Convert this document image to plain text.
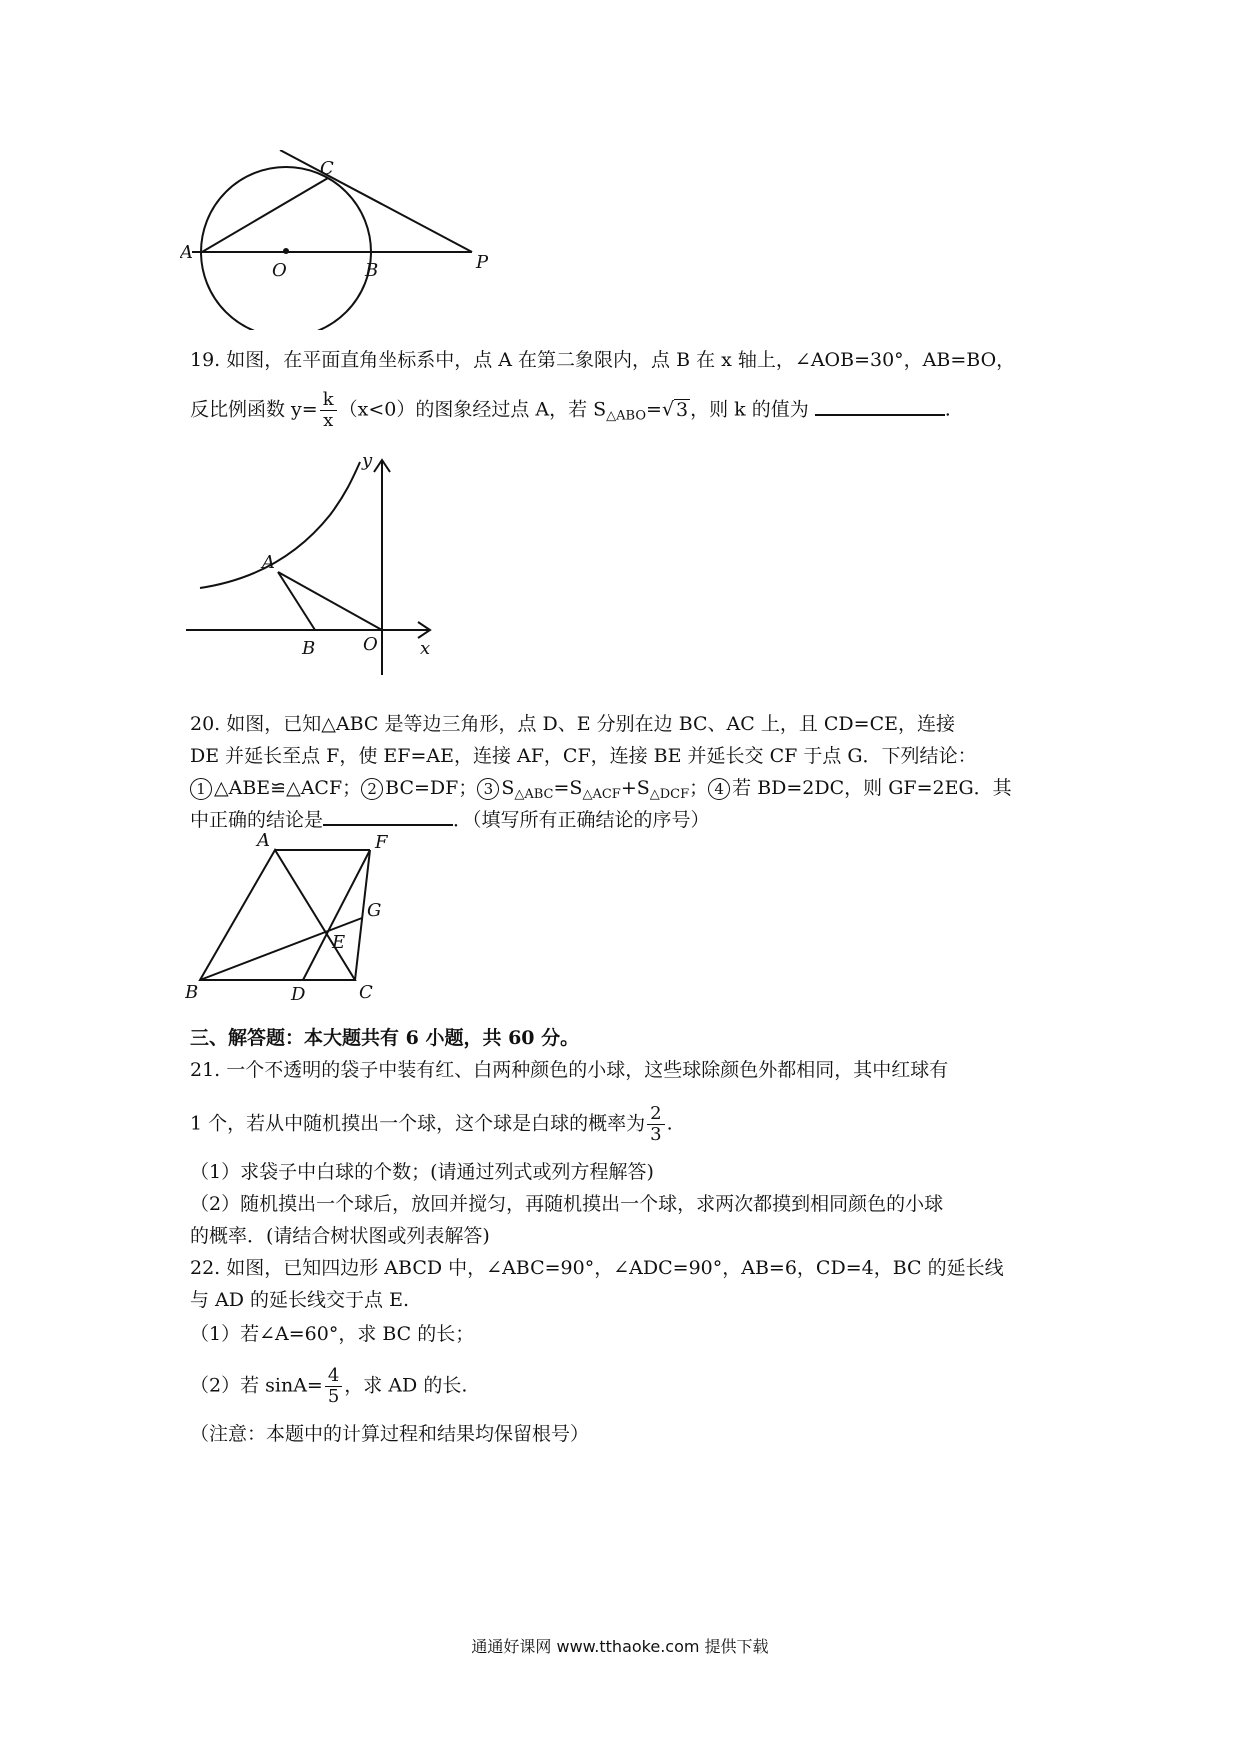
A
O	B
C
P
19. 如图，在平面直角坐标系中，点 A 在第二象限内，点 B 在 x 轴上，∠AOB=30°，AB=BO，
反比例函数 $y= \frac{k}{x} (x<0)$的图象经过点 A，若 $S_{\triangle ABO}=√$ 3 ，则 k 的值为	.
y
x
A
B	O
20. 如图，已知△ABC 是等边三角形，点 D、E 分别在边 BC、AC 上，且 CD=CE，连接
DE 并延长至点 F，使 EF=AE，连接 AF，CF，连接 BE 并延长交 CF 于点 G．下列结论：
1 △ABE≌△ACF； 2 BC=DF； 3 $S_{\triangle ABC}=S_{\triangle ACF}+S_{\triangle DCF}$； 4 若 BD=2DC，则 GF=2EG．其
中正确的结论是	．（填写所有正确结论的序号）
A	F
G
E
B	D	C
三、解答题：本大题共有 6 小题，共 60 分。
21. 一个不透明的袋子中装有红、白两种颜色的小球，这些球除颜色外都相同，其中红球有
1 个，若从中随机摸出一个球，这个球是白球的概率为 $\frac{2}{3}$ .
（1）求袋子中白球的个数；(请通过列式或列方程解答)
（2）随机摸出一个球后，放回并搅匀，再随机摸出一个球，求两次都摸到相同颜色的小球
的概率．(请结合树状图或列表解答)
22. 如图，已知四边形 ABCD 中，∠ABC=90°，∠ADC=90°，AB=6，CD=4，BC 的延长线
与 AD 的延长线交于点 E.
（1）若∠A=60°，求 BC 的长；
（2）若 $\sin A= \frac{4}{5}$ ，求 AD 的长.
（注意：本题中的计算过程和结果均保留根号）
通通好课网 www.tthaoke.com 提供下载
